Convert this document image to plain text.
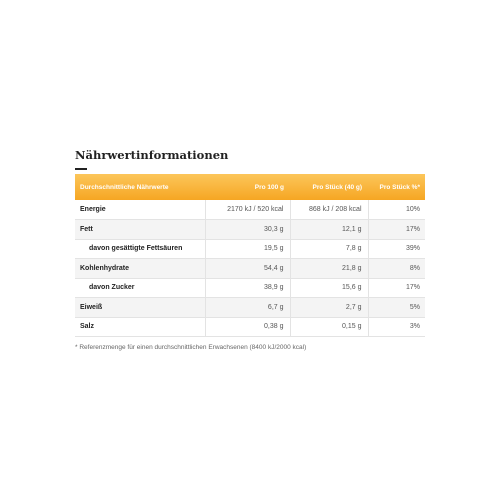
Nährwertinformationen
Durchschnittliche Nährwerte	Pro 100 g	Pro Stück (40 g)	Pro Stück %*
Energie	2170 kJ / 520 kcal	868 kJ / 208 kcal	10%
Fett	30,3 g	12,1 g	17%
davon gesättigte Fettsäuren	19,5 g	7,8 g	39%
Kohlenhydrate	54,4 g	21,8 g	8%
davon Zucker	38,9 g	15,6 g	17%
Eiweiß	6,7 g	2,7 g	5%
Salz	0,38 g	0,15 g	3%
* Referenzmenge für einen durchschnittlichen Erwachsenen (8400 kJ/2000 kcal)
